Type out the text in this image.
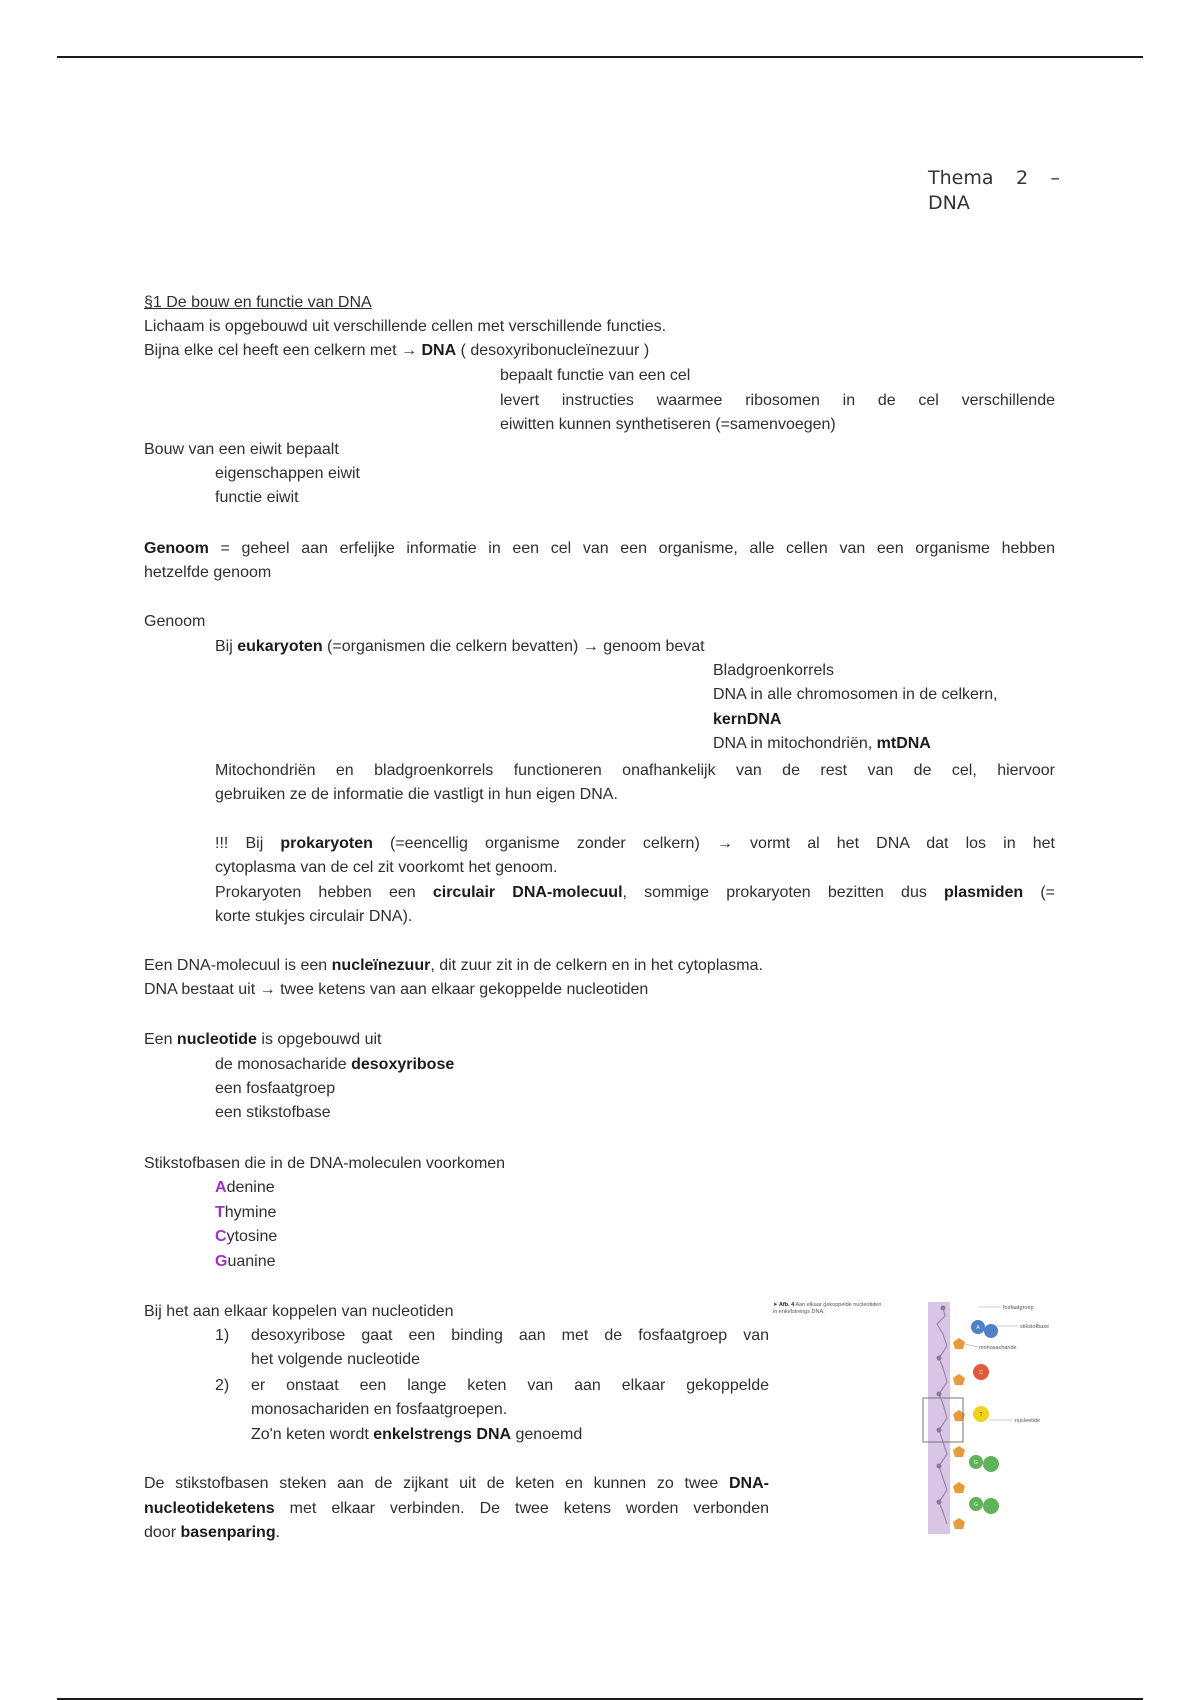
Thema 2 –
DNA
§1 De bouw en functie van DNA
Lichaam is opgebouwd uit verschillende cellen met verschillende functies.
Bijna elke cel heeft een celkern met → DNA ( desoxyribonucleïnezuur )
bepaalt functie van een cel
levert instructies waarmee ribosomen in de cel verschillende
eiwitten kunnen synthetiseren (=samenvoegen)
Bouw van een eiwit bepaalt
eigenschappen eiwit
functie eiwit
Genoom = geheel aan erfelijke informatie in een cel van een organisme, alle cellen van een organisme hebben
hetzelfde genoom
Genoom
Bij eukaryoten (=organismen die celkern bevatten) → genoom bevat
Bladgroenkorrels
DNA in alle chromosomen in de celkern,
kernDNA
DNA in mitochondriën, mtDNA
Mitochondriën en bladgroenkorrels functioneren onafhankelijk van de rest van de cel, hiervoor
gebruiken ze de informatie die vastligt in hun eigen DNA.
!!! Bij prokaryoten (=eencellig organisme zonder celkern) → vormt al het DNA dat los in het
cytoplasma van de cel zit voorkomt het genoom.
Prokaryoten hebben een circulair DNA-molecuul, sommige prokaryoten bezitten dus plasmiden (=
korte stukjes circulair DNA).
Een DNA-molecuul is een nucleïnezuur, dit zuur zit in de celkern en in het cytoplasma.
DNA bestaat uit → twee ketens van aan elkaar gekoppelde nucleotiden
Een nucleotide is opgebouwd uit
de monosacharide desoxyribose
een fosfaatgroep
een stikstofbase
Stikstofbasen die in de DNA-moleculen voorkomen
Adenine
Thymine
Cytosine
Guanine
Bij het aan elkaar koppelen van nucleotiden
1) desoxyribose gaat een binding aan met de fosfaatgroep van
het volgende nucleotide
2) er onstaat een lange keten van aan elkaar gekoppelde
monosachariden en fosfaatgroepen.
Zo'n keten wordt enkelstrengs DNA genoemd
De stikstofbasen steken aan de zijkant uit de keten en kunnen zo twee DNA-
nucleotideketens met elkaar verbinden. De twee ketens worden verbonden
door basenparing.
➤ Afb. 4 Aan elkaar gekoppelde nucleotiden in enkelstrengs DNA.
A
C
T
G
G
fosfaatgroep
stikstofbase
monosacharide
nucleotide
